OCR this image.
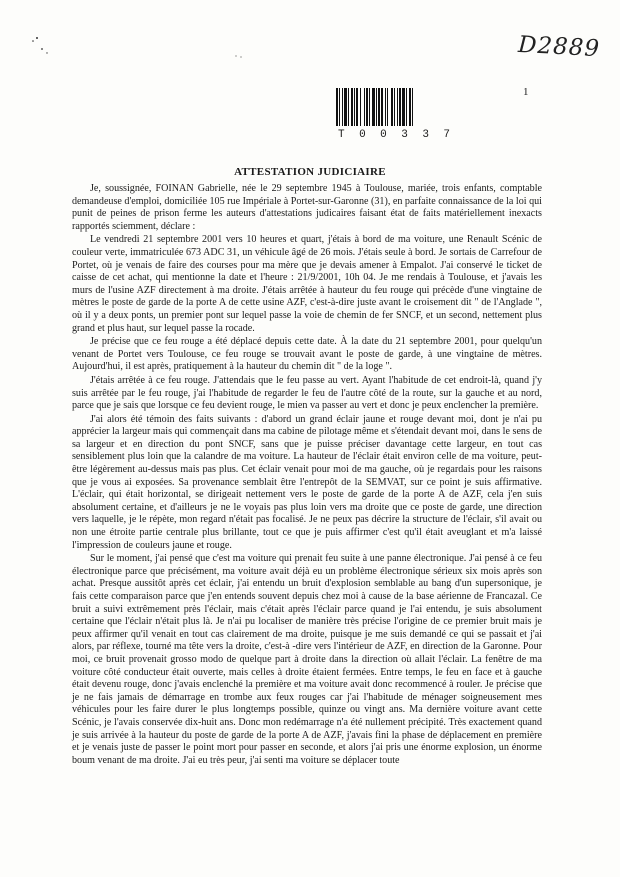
D2889
T 0 0 3 3 7
1
ATTESTATION JUDICIAIRE

Je, soussignée, FOINAN Gabrielle, née le 29 septembre 1945 à Toulouse, mariée, trois enfants, comptable demandeuse d'emploi, domiciliée 105 rue Impériale à Portet-sur-Garonne (31), en parfaite connaissance de la loi qui punit de peines de prison ferme les auteurs d'attestations judicaires faisant état de faits matériellement inexacts rapportés sciemment, déclare :

Le vendredi 21 septembre 2001 vers 10 heures et quart, j'étais à bord de ma voiture, une Renault Scénic de couleur verte, immatriculée 673 ADC 31, un véhicule âgé de 26 mois. J'étais seule à bord. Je sortais de Carrefour de Portet, où je venais de faire des courses pour ma mère que je devais amener à Empalot. J'ai conservé le ticket de caisse de cet achat, qui mentionne la date et l'heure : 21/9/2001, 10h 04. Je me rendais à Toulouse, et j'avais les murs de l'usine AZF directement à ma droite. J'étais arrêtée à hauteur du feu rouge qui précède d'une vingtaine de mètres le poste de garde de la porte A de cette usine AZF, c'est-à-dire juste avant le croisement dit " de l'Anglade ", où il y a deux ponts, un premier pont sur lequel passe la voie de chemin de fer SNCF, et un second, nettement plus grand et plus haut, sur lequel passe la rocade.

Je précise que ce feu rouge a été déplacé depuis cette date. À la date du 21 septembre 2001, pour quelqu'un venant de Portet vers Toulouse, ce feu rouge se trouvait avant le poste de garde, à une vingtaine de mètres. Aujourd'hui, il est après, pratiquement à la hauteur du chemin dit " de la loge ".

J'étais arrêtée à ce feu rouge. J'attendais que le feu passe au vert. Ayant l'habitude de cet endroit-là, quand j'y suis arrêtée par le feu rouge, j'ai l'habitude de regarder le feu de l'autre côté de la route, sur la gauche et au nord, parce que je sais que lorsque ce feu devient rouge, le mien va passer au vert et donc je peux enclencher la première.

J'ai alors été témoin des faits suivants : d'abord un grand éclair jaune et rouge devant moi, dont je n'ai pu apprécier la largeur mais qui commençait dans ma cabine de pilotage même et s'étendait devant moi, dans le sens de sa largeur et en direction du pont SNCF, sans que je puisse préciser davantage cette largeur, en tout cas sensiblement plus loin que la calandre de ma voiture. La hauteur de l'éclair était environ celle de ma voiture, peut-être légèrement au-dessus mais pas plus. Cet éclair venait pour moi de ma gauche, où je regardais pour les raisons que je vous ai exposées. Sa provenance semblait être l'entrepôt de la SEMVAT, sur ce point je suis affirmative. L'éclair, qui était horizontal, se dirigeait nettement vers le poste de garde de la porte A de AZF, cela j'en suis absolument certaine, et d'ailleurs je ne le voyais pas plus loin vers ma droite que ce poste de garde, une direction vers laquelle, je le répète, mon regard n'était pas focalisé. Je ne peux pas décrire la structure de l'éclair, s'il avait ou non une étroite partie centrale plus brillante, tout ce que je puis affirmer c'est qu'il était aveuglant et m'a laissé l'impression de couleurs jaune et rouge.

Sur le moment, j'ai pensé que c'est ma voiture qui prenait feu suite à une panne électronique. J'ai pensé à ce feu électronique parce que précisément, ma voiture avait déjà eu un problème électronique sérieux six mois après son achat. Presque aussitôt après cet éclair, j'ai entendu un bruit d'explosion semblable au bang d'un supersonique, je fais cette comparaison parce que j'en entends souvent depuis chez moi à cause de la base aérienne de Francazal. Ce bruit a suivi extrêmement près l'éclair, mais c'était après l'éclair parce quand je l'ai entendu, je suis absolument certaine que l'éclair n'était plus là. Je n'ai pu localiser de manière très précise l'origine de ce premier bruit mais je peux affirmer qu'il venait en tout cas clairement de ma droite, puisque je me suis demandé ce qui se passait et j'ai alors, par réflexe, tourné ma tête vers la droite, c'est-à -dire vers l'intérieur de AZF, en direction de la Garonne. Pour moi, ce bruit provenait grosso modo de quelque part à droite dans la direction où allait l'éclair. La fenêtre de ma voiture côté conducteur était ouverte, mais celles à droite étaient fermées. Entre temps, le feu en face et à gauche était devenu rouge, donc j'avais enclenché la première et ma voiture avait donc recommencé à rouler. Je précise que je ne fais jamais de démarrage en trombe aux feux rouges car j'ai l'habitude de ménager soigneusement mes véhicules pour les faire durer le plus longtemps possible, quinze ou vingt ans. Ma dernière voiture avant cette Scénic, je l'avais conservée dix-huit ans. Donc mon redémarrage n'a été nullement précipité. Très exactement quand je suis arrivée à la hauteur du poste de garde de la porte A de AZF, j'avais fini la phase de déplacement en première et je venais juste de passer le point mort pour passer en seconde, et alors j'ai pris une énorme explosion, un énorme boum venant de ma droite. J'ai eu très peur, j'ai senti ma voiture se déplacer toute
